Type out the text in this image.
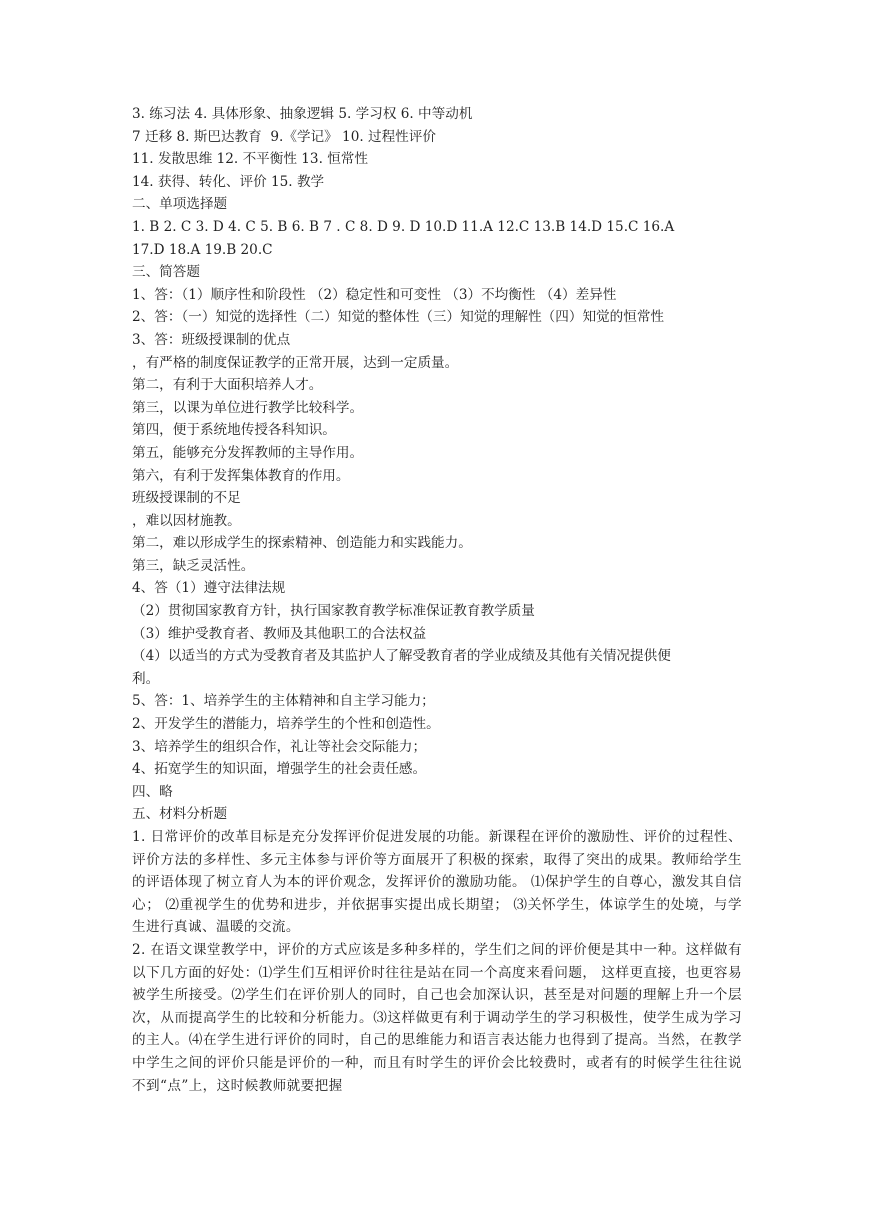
3. 练习法 4. 具体形象、抽象逻辑 5. 学习权 6. 中等动机
7 迁移 8. 斯巴达教育  9.《学记》 10. 过程性评价
11. 发散思维 12. 不平衡性 13. 恒常性
14. 获得、转化、评价 15. 教学
二、单项选择题
1. B 2. C 3. D 4. C 5. B 6. B 7 . C 8. D 9. D 10.D 11.A 12.C 13.B 14.D 15.C 16.A
17.D 18.A 19.B 20.C
三、简答题
1、答：（1）顺序性和阶段性 （2）稳定性和可变性 （3）不均衡性 （4）差异性
2、答：（一）知觉的选择性（二）知觉的整体性（三）知觉的理解性（四）知觉的恒常性
3、答：班级授课制的优点
，有严格的制度保证教学的正常开展，达到一定质量。
第二，有利于大面积培养人才。
第三，以课为单位进行教学比较科学。
第四，便于系统地传授各科知识。
第五，能够充分发挥教师的主导作用。
第六，有利于发挥集体教育的作用。
班级授课制的不足
，难以因材施教。
第二，难以形成学生的探索精神、创造能力和实践能力。
第三，缺乏灵活性。
4、答（1）遵守法律法规
（2）贯彻国家教育方针，执行国家教育教学标准保证教育教学质量
（3）维护受教育者、教师及其他职工的合法权益
（4）以适当的方式为受教育者及其监护人了解受教育者的学业成绩及其他有关情况提供便
利。
5、答：1、培养学生的主体精神和自主学习能力；
2、开发学生的潜能力，培养学生的个性和创造性。
3、培养学生的组织合作，礼让等社会交际能力；
4、拓宽学生的知识面，增强学生的社会责任感。
四、略
五、材料分析题
1. 日常评价的改革目标是充分发挥评价促进发展的功能。新课程在评价的激励性、评价的过程性、评价方法的多样性、多元主体参与评价等方面展开了积极的探索，取得了突出的成果。教师给学生的评语体现了树立育人为本的评价观念，发挥评价的激励功能。 ⑴保护学生的自尊心，激发其自信心； ⑵重视学生的优势和进步，并依据事实提出成长期望； ⑶关怀学生，体谅学生的处境，与学生进行真诚、温暖的交流。
2. 在语文课堂教学中，评价的方式应该是多种多样的，学生们之间的评价便是其中一种。这样做有以下几方面的好处：⑴学生们互相评价时往往是站在同一个高度来看问题， 这样更直接，也更容易被学生所接受。⑵学生们在评价别人的同时，自己也会加深认识，甚至是对问题的理解上升一个层次，从而提高学生的比较和分析能力。⑶这样做更有利于调动学生的学习积极性，使学生成为学习的主人。⑷在学生进行评价的同时，自己的思维能力和语言表达能力也得到了提高。当然，在教学中学生之间的评价只能是评价的一种，而且有时学生的评价会比较费时，或者有的时候学生往往说不到“点”上，这时候教师就要把握
